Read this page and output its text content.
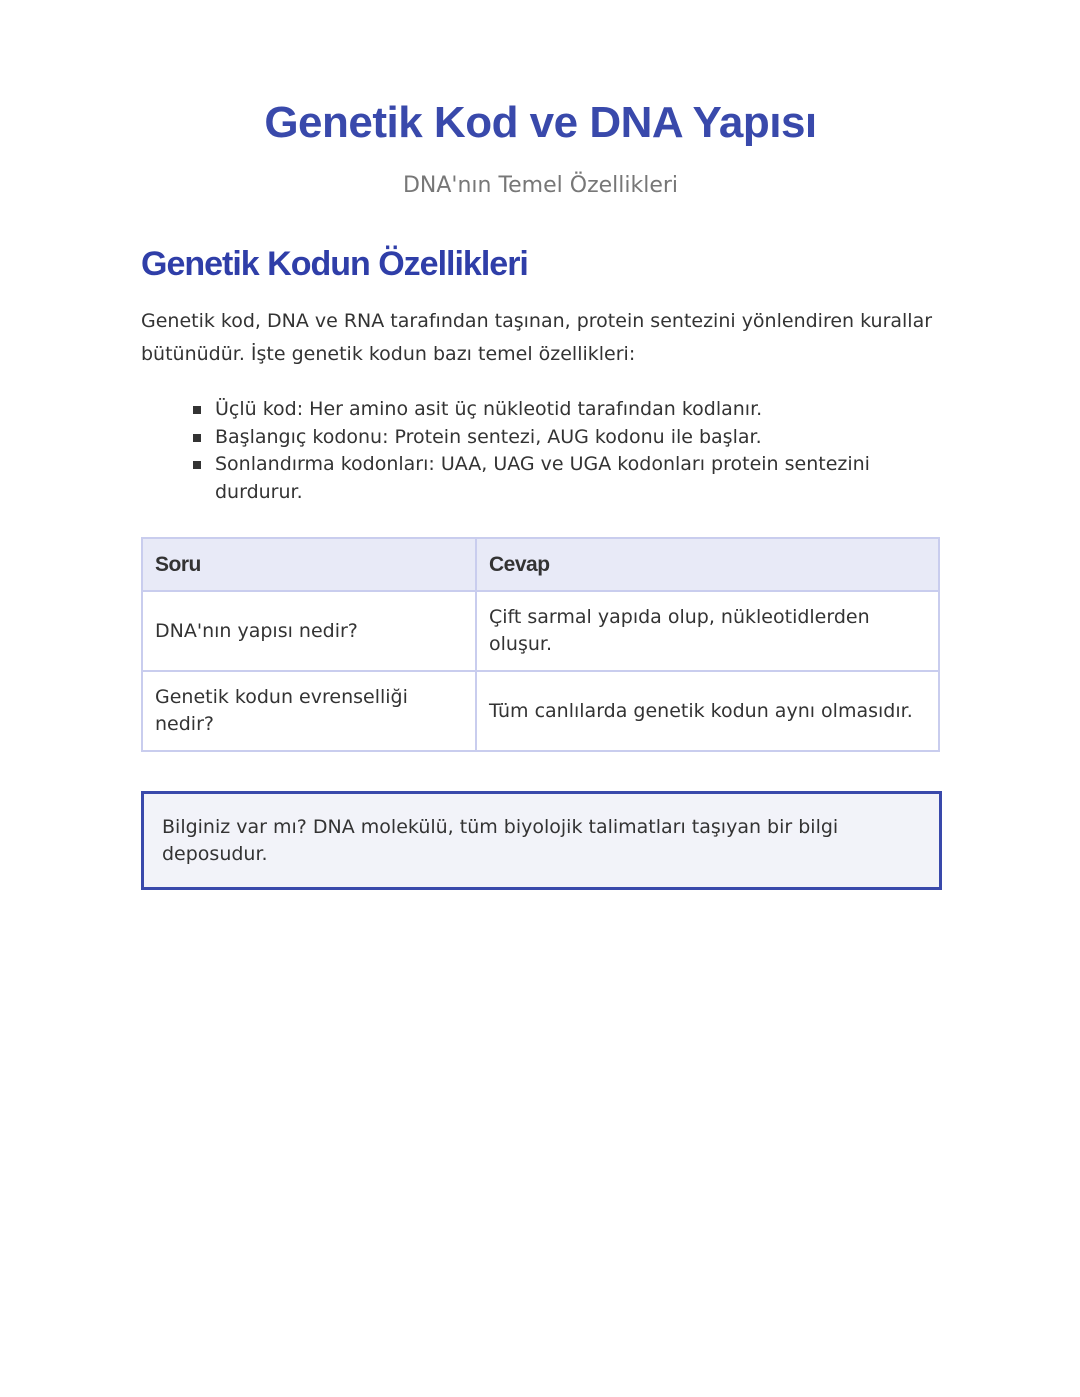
Genetik Kod ve DNA Yapısı

DNA'nın Temel Özellikleri

Genetik Kodun Özellikleri

Genetik kod, DNA ve RNA tarafından taşınan, protein sentezini yönlendiren kurallar bütünüdür. İşte genetik kodun bazı temel özellikleri:

Üçlü kod: Her amino asit üç nükleotid tarafından kodlanır.
Başlangıç kodonu: Protein sentezi, AUG kodonu ile başlar.
Sonlandırma kodonları: UAA, UAG ve UGA kodonları protein sentezini durdurur.
Soru	Cevap
DNA'nın yapısı nedir?	Çift sarmal yapıda olup, nükleotidlerden oluşur.
Genetik kodun evrenselliği nedir?	Tüm canlılarda genetik kodun aynı olmasıdır.

Bilginiz var mı? DNA molekülü, tüm biyolojik talimatları taşıyan bir bilgi deposudur.
